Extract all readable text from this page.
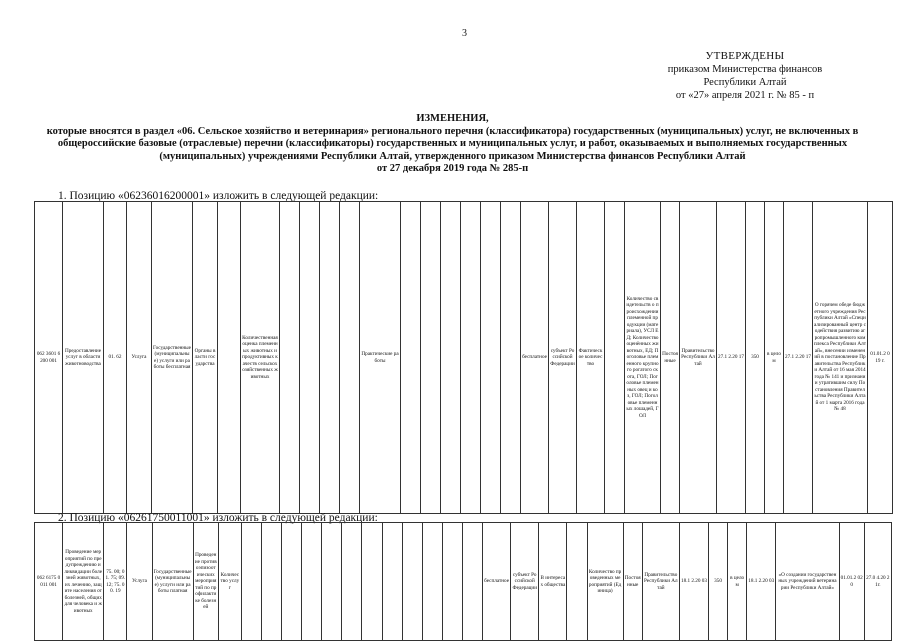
3
УТВЕРЖДЕНЫ
приказом Министерства финансов
Республики Алтай
от «27» апреля 2021 г. № 85 - п
ИЗМЕНЕНИЯ,
которые вносятся в раздел «06. Сельское хозяйство и ветеринария» регионального перечня (классификатора) государственных (муниципальных) услуг, не включенных в
общероссийские базовые (отраслевые) перечни (классификаторы) государственных и муниципальных услуг, и работ, оказываемых и выполняемых государственных
(муниципальных) учреждениями Республики Алтай, утвержденного приказом Министерства финансов Республики Алтай
от 27 декабря 2019 года № 285-п
1. Позицию «06236016200001» изложить в следующей редакции:
062 3601 6200 001	Предоставление услуг в области животноводства	01. 62	Услуга	Государственные (муниципальные) услуги или работы бесплатная	Органы власти государства		Количественная оценка племенных животных и продуктивных качеств сельскохозяйственных животных					Практические работы							бесплатное	субъект Российской Федерации	Фактическое количество		Количество свидетельств о происхождении племенной продукции (материала), УСЛ ЕД; Количество оценённых животных, ЕД; Поголовье племенного крупного рогатого скота, ГОЛ; Поголовье племенных овец и коз, ГОЛ; Поголовье племенных лошадей, ГОЛ	Постоянные	Правительство Республики Алтай	27.1 2.20 17	350	в целом	27.1 2.20 17	О горячем обеде бюджетного учреждения Республики Алтай «Специализированный центр содействия развитию агропромышленного комплекса Республики Алтай», внесении изменений в постановление Правительства Республики Алтай от 16 мая 2014 года № 141 и признании утратившим силу Постановления Правительства Республики Алтай от 1 марта 2016 года № 48	01.01.2 019 г.
2. Позицию «06261750011001» изложить в следующей редакции:
062 6175 0011 001	Проведение мероприятий по предупреждению и ликвидации болезней животных, их лечению, защите населения от болезней, общих для человека и животных	75. 00; 01. 75; 09. 12; 75. 00. 19	Услуга	Государственные (муниципальные) услуги или работы платная	Проведение противоэпизоотических мероприятий по профилактике болезней	Количество услуг													бесплатное	субъект Российской Федерации	В интересах общества		Количество проведенных мероприятий (Единица)	Постоянные	Правительство Республики Алтай	18.1 2.20 03	350	в целом	18.1 2.20 03	«О создании государственных учреждений ветеринарии Республики Алтай»	01.01.2 020	27.0 4.20 21г.
